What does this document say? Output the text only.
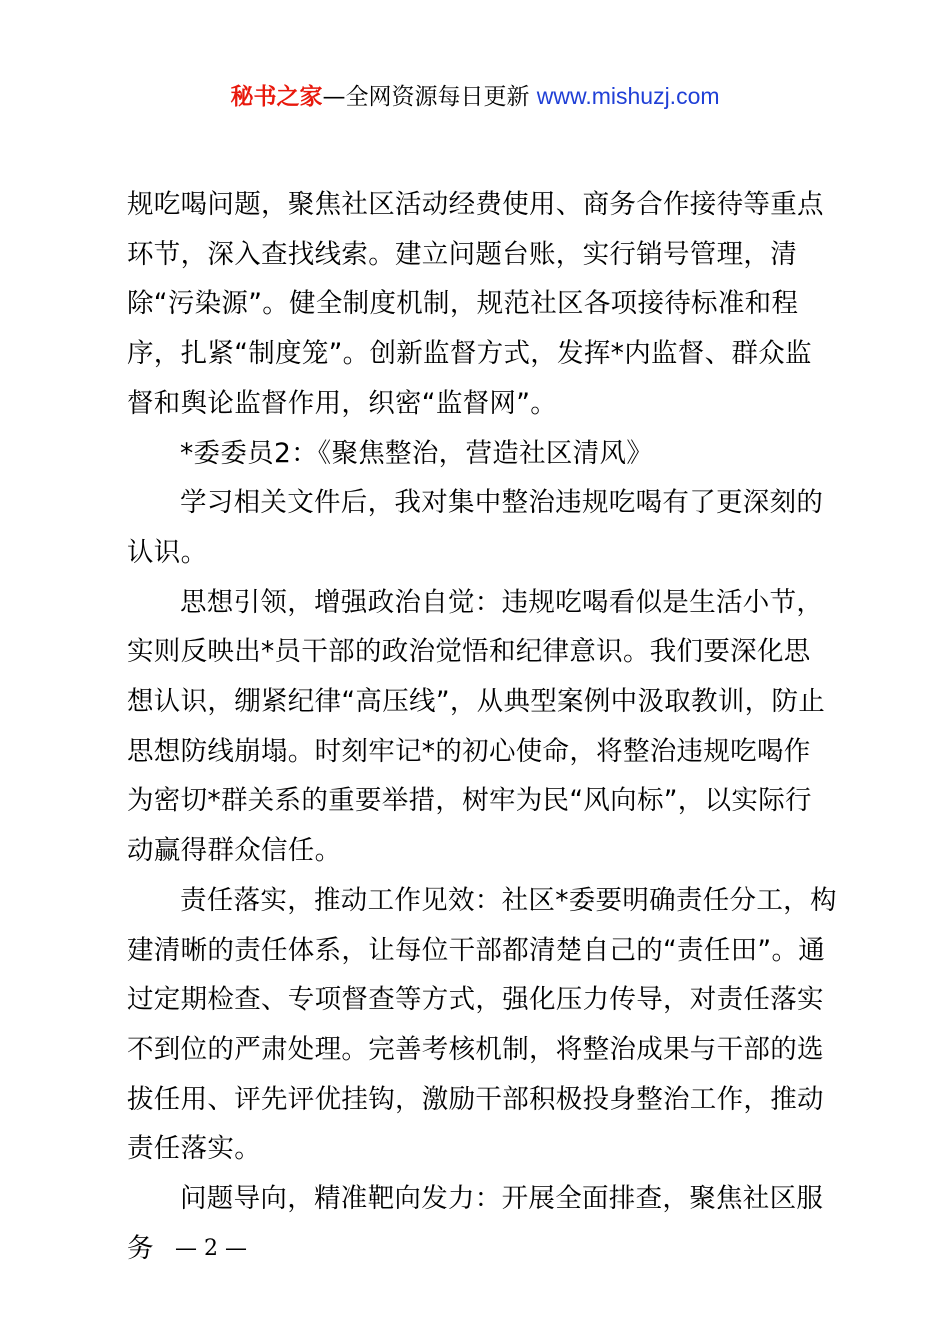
秘书之家—全网资源每日更新 www.mishuzj.com

规吃喝问题，聚焦社区活动经费使用、商务合作接待等重点环节，深入查找线索。建立问题台账，实行销号管理，清除“污染源”。健全制度机制，规范社区各项接待标准和程序，扎紧“制度笼”。创新监督方式，发挥*内监督、群众监督和舆论监督作用，织密“监督网”。

*委委员2：《聚焦整治，营造社区清风》

学习相关文件后，我对集中整治违规吃喝有了更深刻的认识。

思想引领，增强政治自觉：违规吃喝看似是生活小节，实则反映出*员干部的政治觉悟和纪律意识。我们要深化思想认识，绷紧纪律“高压线”，从典型案例中汲取教训，防止思想防线崩塌。时刻牢记*的初心使命，将整治违规吃喝作为密切*群关系的重要举措，树牢为民“风向标”，以实际行动赢得群众信任。

责任落实，推动工作见效：社区*委要明确责任分工，构建清晰的责任体系，让每位干部都清楚自己的“责任田”。通过定期检查、专项督查等方式，强化压力传导，对责任落实不到位的严肃处理。完善考核机制，将整治成果与干部的选拔任用、评先评优挂钩，激励干部积极投身整治工作，推动责任落实。

问题导向，精准靶向发力：开展全面排查，聚焦社区服务 — 2 —
